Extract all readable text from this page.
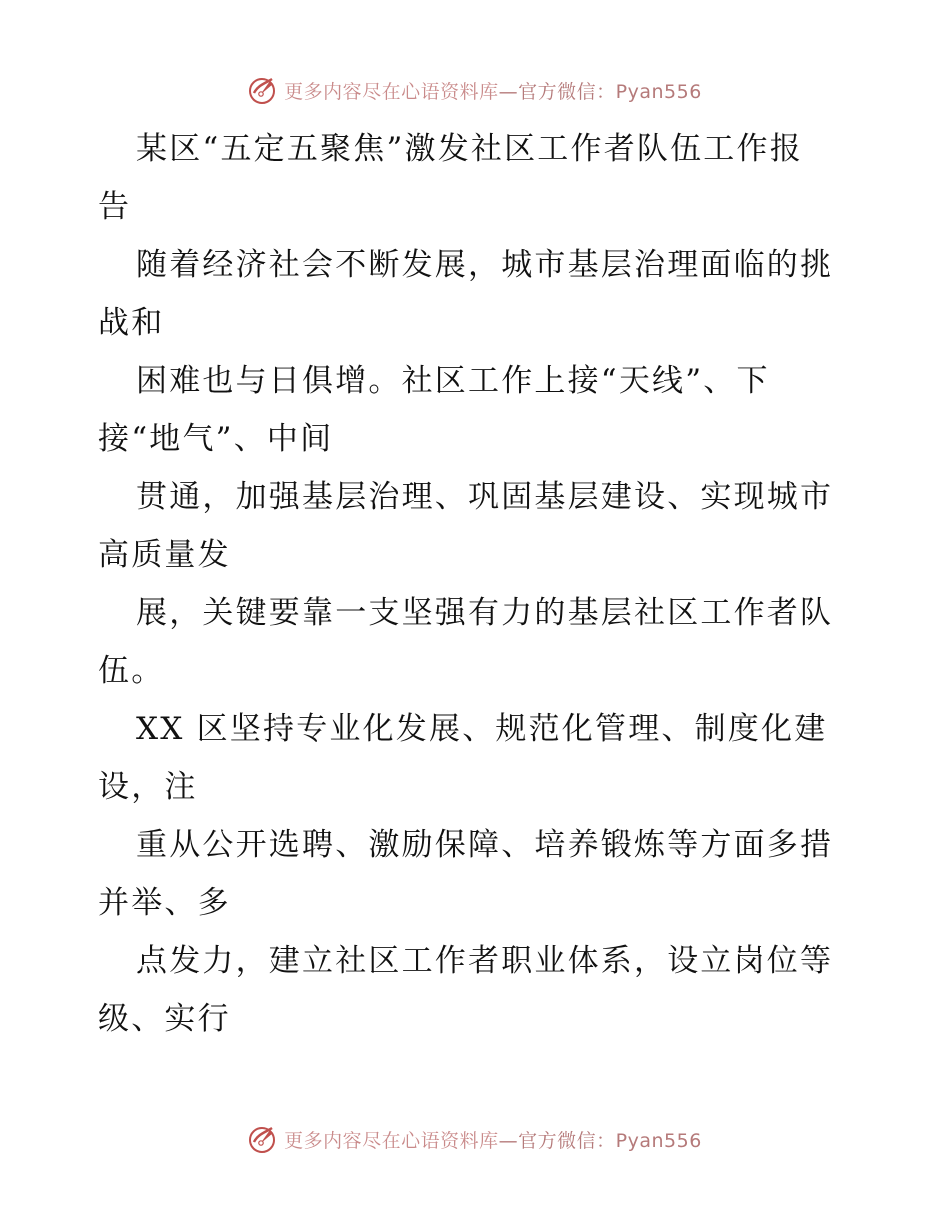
更多内容尽在心语资料库—官方微信：Pyan556
某区“五定五聚焦”激发社区工作者队伍工作报
告
随着经济社会不断发展，城市基层治理面临的挑
战和
困难也与日俱增。社区工作上接“天线”、下
接“地气”、中间
贯通，加强基层治理、巩固基层建设、实现城市
高质量发
展，关键要靠一支坚强有力的基层社区工作者队
伍。
XX 区坚持专业化发展、规范化管理、制度化建
设，注
重从公开选聘、激励保障、培养锻炼等方面多措
并举、多
点发力，建立社区工作者职业体系，设立岗位等
级、实行
更多内容尽在心语资料库—官方微信：Pyan556
